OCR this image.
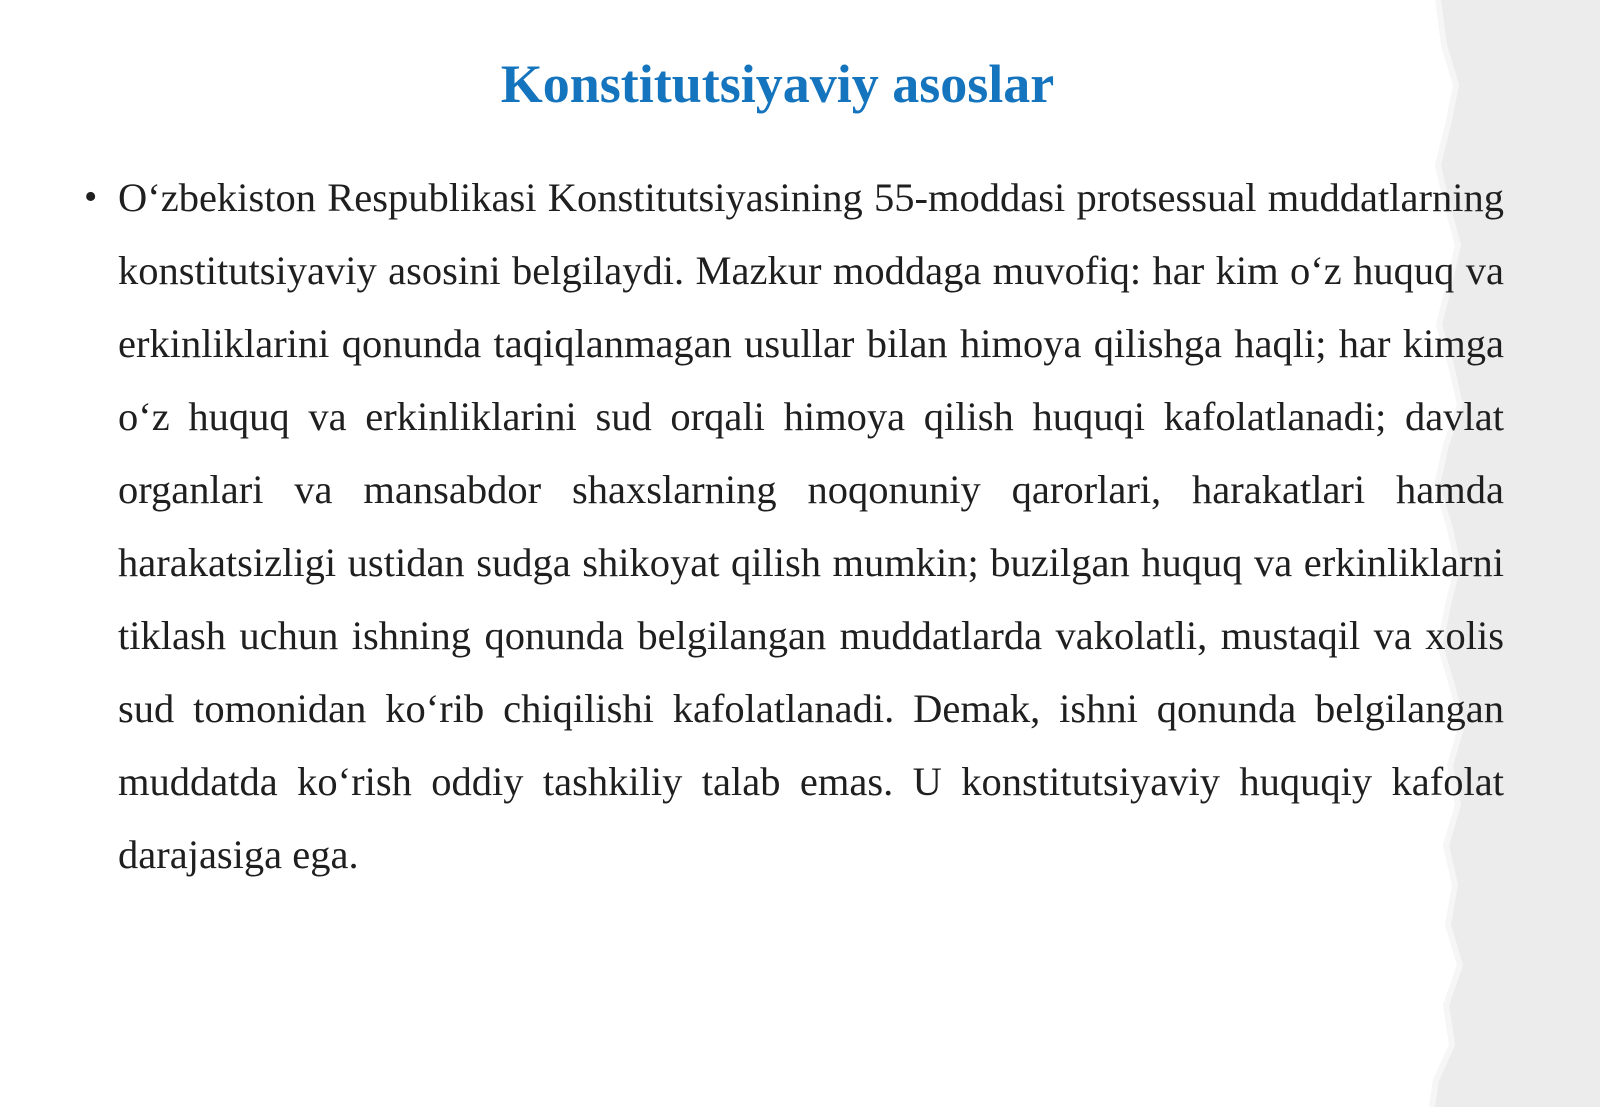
Konstitutsiyaviy asoslar
• O‘zbekiston Respublikasi Konstitutsiyasining 55-moddasi protsessual muddatlarning konstitutsiyaviy asosini belgilaydi. Mazkur moddaga muvofiq: har kim o‘z huquq va erkinliklarini qonunda taqiqlanmagan usullar bilan himoya qilishga haqli; har kimga o‘z huquq va erkinliklarini sud orqali himoya qilish huquqi kafolatlanadi; davlat organlari va mansabdor shaxslarning noqonuniy qarorlari, harakatlari hamda harakatsizligi ustidan sudga shikoyat qilish mumkin; buzilgan huquq va erkinliklarni tiklash uchun ishning qonunda belgilangan muddatlarda vakolatli, mustaqil va xolis sud tomonidan ko‘rib chiqilishi kafolatlanadi. Demak, ishni qonunda belgilangan muddatda ko‘rish oddiy tashkiliy talab emas. U konstitutsiyaviy huquqiy kafolat darajasiga ega.
